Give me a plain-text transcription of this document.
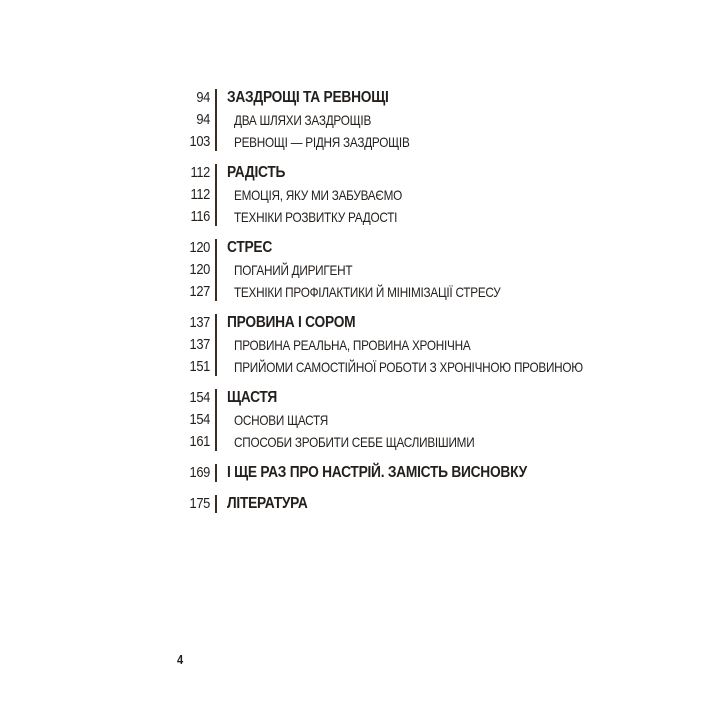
94 ЗАЗДРОЩІ ТА РЕВНОЩІ
94 ДВА ШЛЯХИ ЗАЗДРОЩІВ
103 РЕВНОЩІ — РІДНЯ ЗАЗДРОЩІВ
112 РАДІСТЬ
112 ЕМОЦІЯ, ЯКУ МИ ЗАБУВАЄМО
116 ТЕХНІКИ РОЗВИТКУ РАДОСТІ
120 СТРЕС
120 ПОГАНИЙ ДИРИГЕНТ
127 ТЕХНІКИ ПРОФІЛАКТИКИ Й МІНІМІЗАЦІЇ СТРЕСУ
137 ПРОВИНА І СОРОМ
137 ПРОВИНА РЕАЛЬНА, ПРОВИНА ХРОНІЧНА
151 ПРИЙОМИ САМОСТІЙНОЇ РОБОТИ З ХРОНІЧНОЮ ПРОВИНОЮ
154 ЩАСТЯ
154 ОСНОВИ ЩАСТЯ
161 СПОСОБИ ЗРОБИТИ СЕБЕ ЩАСЛИВІШИМИ
169 І ЩЕ РАЗ ПРО НАСТРІЙ. ЗАМІСТЬ ВИСНОВКУ
175 ЛІТЕРАТУРА
4
